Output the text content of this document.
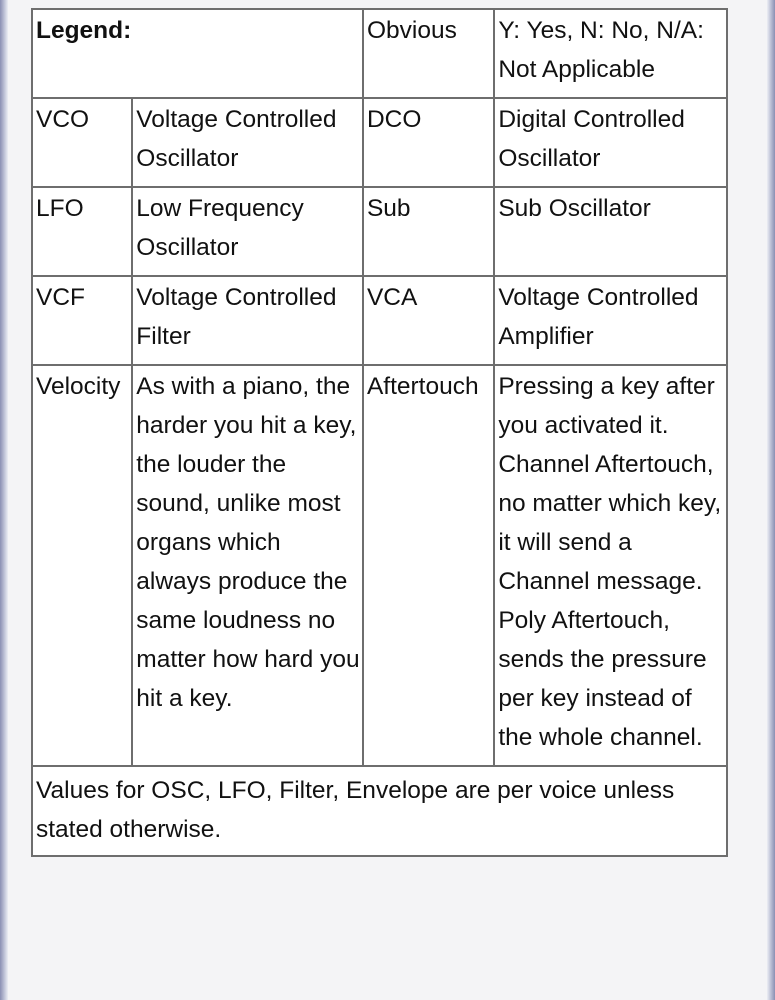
Legend:		Obvious	Y: Yes, N: No, N/A: Not Applicable
VCO	Voltage Controlled Oscillator	DCO	Digital Controlled Oscillator
LFO	Low Frequency Oscillator	Sub	Sub Oscillator
VCF	Voltage Controlled Filter	VCA	Voltage Controlled Amplifier
Velocity	As with a piano, the harder you hit a key, the louder the sound, unlike most organs which always produce the same loudness no matter how hard you hit a key.	Aftertouch	Pressing a key after you activated it. Channel Aftertouch, no matter which key, it will send a Channel message. Poly Aftertouch, sends the pressure per key instead of the whole channel.
Values for OSC, LFO, Filter, Envelope are per voice unless stated otherwise.			
